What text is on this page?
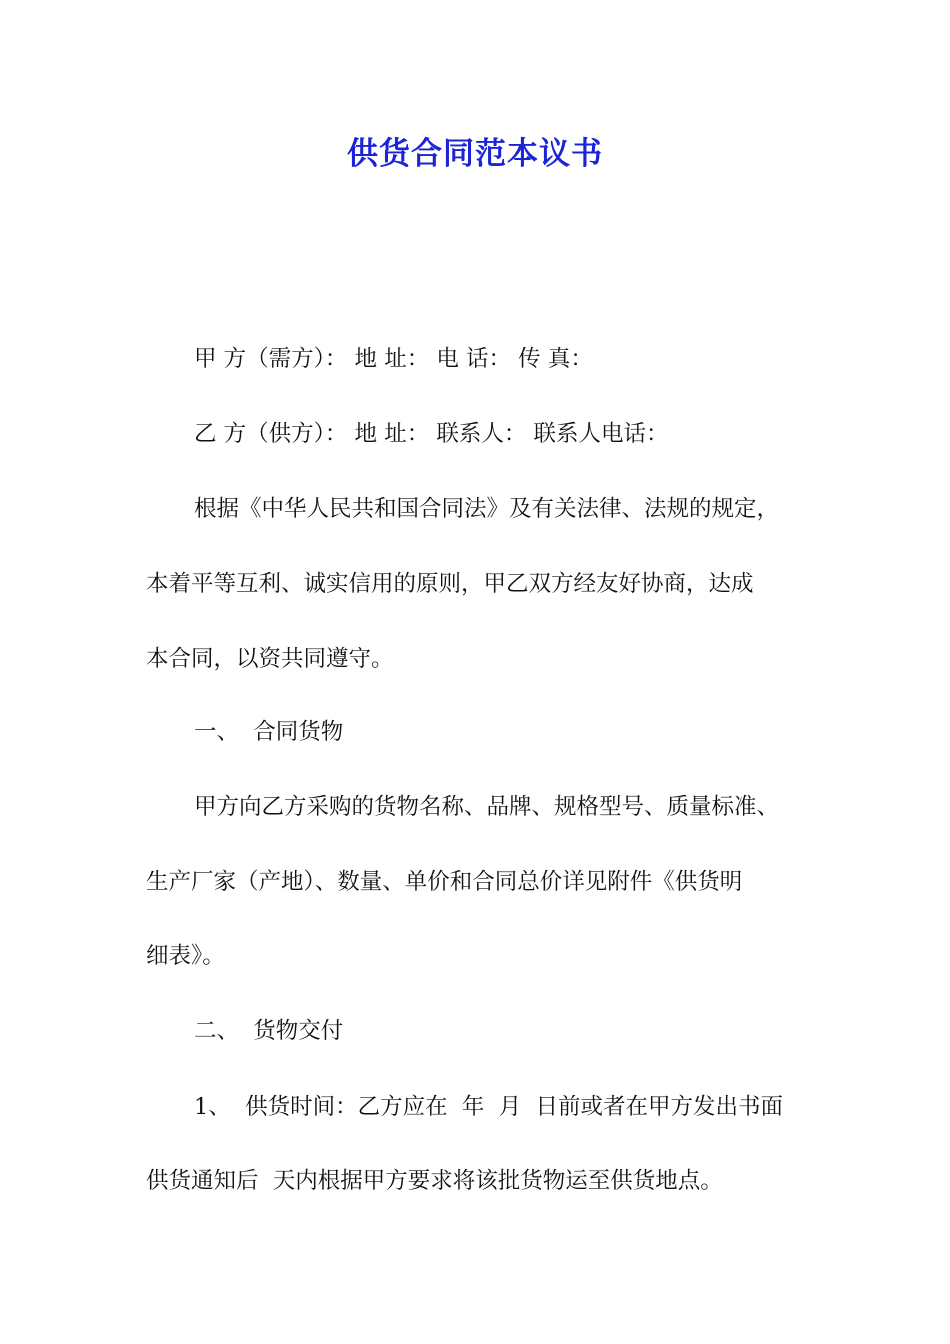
供货合同范本议书

甲 方（需方）： 地 址： 电 话： 传 真：

乙 方（供方）： 地 址： 联系人： 联系人电话：

根据《中华人民共和国合同法》及有关法律、法规的规定，

本着平等互利、诚实信用的原则，甲乙双方经友好协商，达成

本合同，以资共同遵守。

一、  合同货物

甲方向乙方采购的货物名称、品牌、规格型号、质量标准、

生产厂家（产地）、数量、单价和合同总价详见附件《供货明

细表》。

二、  货物交付

1、  供货时间：乙方应在  年  月  日前或者在甲方发出书面

供货通知后  天内根据甲方要求将该批货物运至供货地点。
